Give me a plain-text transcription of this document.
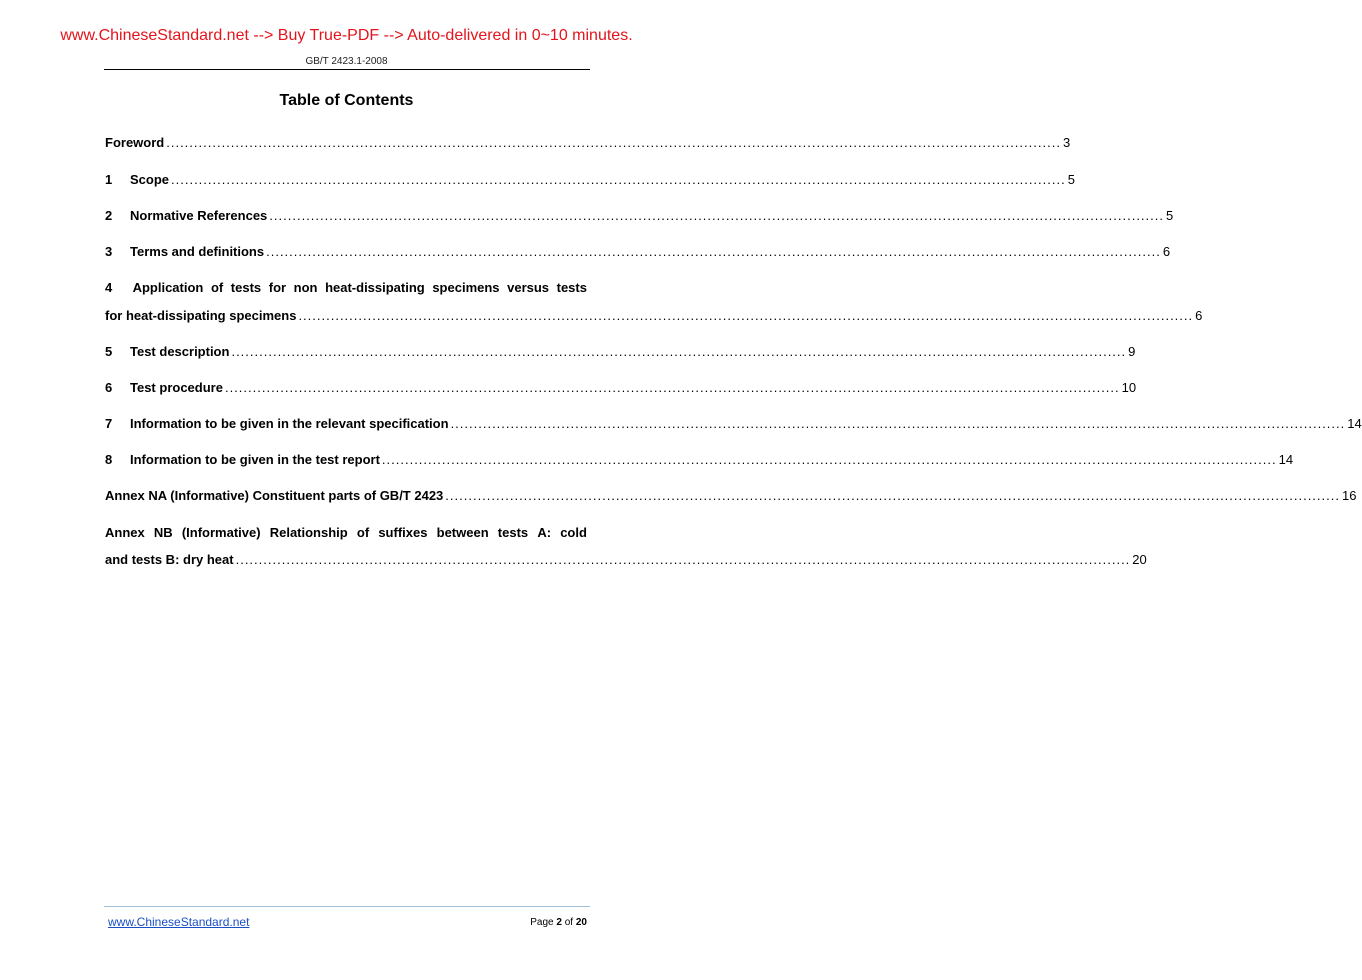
www.ChineseStandard.net --> Buy True-PDF --> Auto-delivered in 0~10 minutes.
GB/T 2423.1-2008
Table of Contents
Foreword .................................................................................................................................................................................................. 3
1	Scope .................................................................................................................................................................................................. 5
2	Normative References .................................................................................................................................................................................................. 5
3	Terms and definitions .................................................................................................................................................................................................. 6
4	Application of tests for non heat-dissipating specimens versus tests
for heat-dissipating specimens .................................................................................................................................................................................................. 6
5	Test description .................................................................................................................................................................................................. 9
6	Test procedure .................................................................................................................................................................................................. 10
7	Information to be given in the relevant specification .................................................................................................................................................................................................. 14
8	Information to be given in the test report .................................................................................................................................................................................................. 14
Annex NA (Informative) Constituent parts of GB/T 2423 .................................................................................................................................................................................................. 16
Annex NB (Informative) Relationship of suffixes between tests A: cold
and tests B: dry heat .................................................................................................................................................................................................. 20
www.ChineseStandard.net	Page 2 of 20
